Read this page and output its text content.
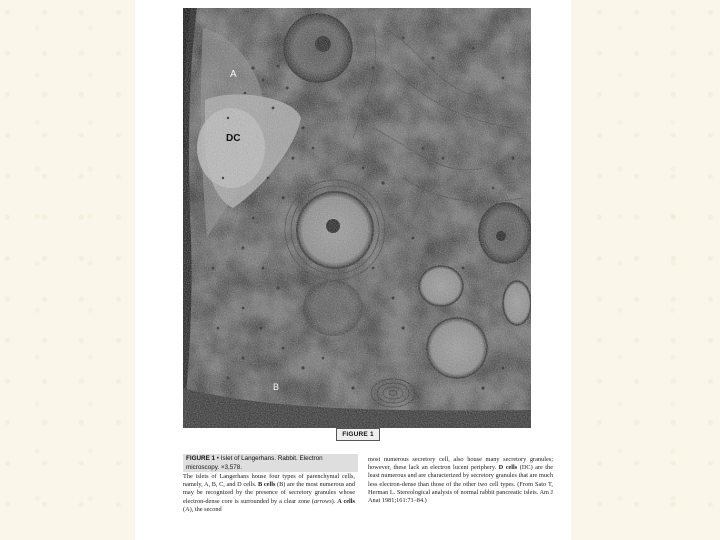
A
DC
B
FIGURE 1
FIGURE 1 • Islet of Langerhans. Rabbit. Electron microscopy. ×3,578.
The islets of Langerhans house four types of parenchymal cells, namely, A, B, C, and D cells. B cells (B) are the most numerous and may be recognized by the presence of secretory granules whose electron-dense core is surrounded by a clear zone (arrows). A cells (A), the second
most numerous secretory cell, also house many secretory granules; however, these lack an electron lucent periphery. D cells (DC) are the least numerous and are characterized by secretory granules that are much less electron-dense than those of the other two cell types. (From Sato T, Herman L. Stereological analysis of normal rabbit pancreatic islets. Am J Anat 1981;161:71–84.)
